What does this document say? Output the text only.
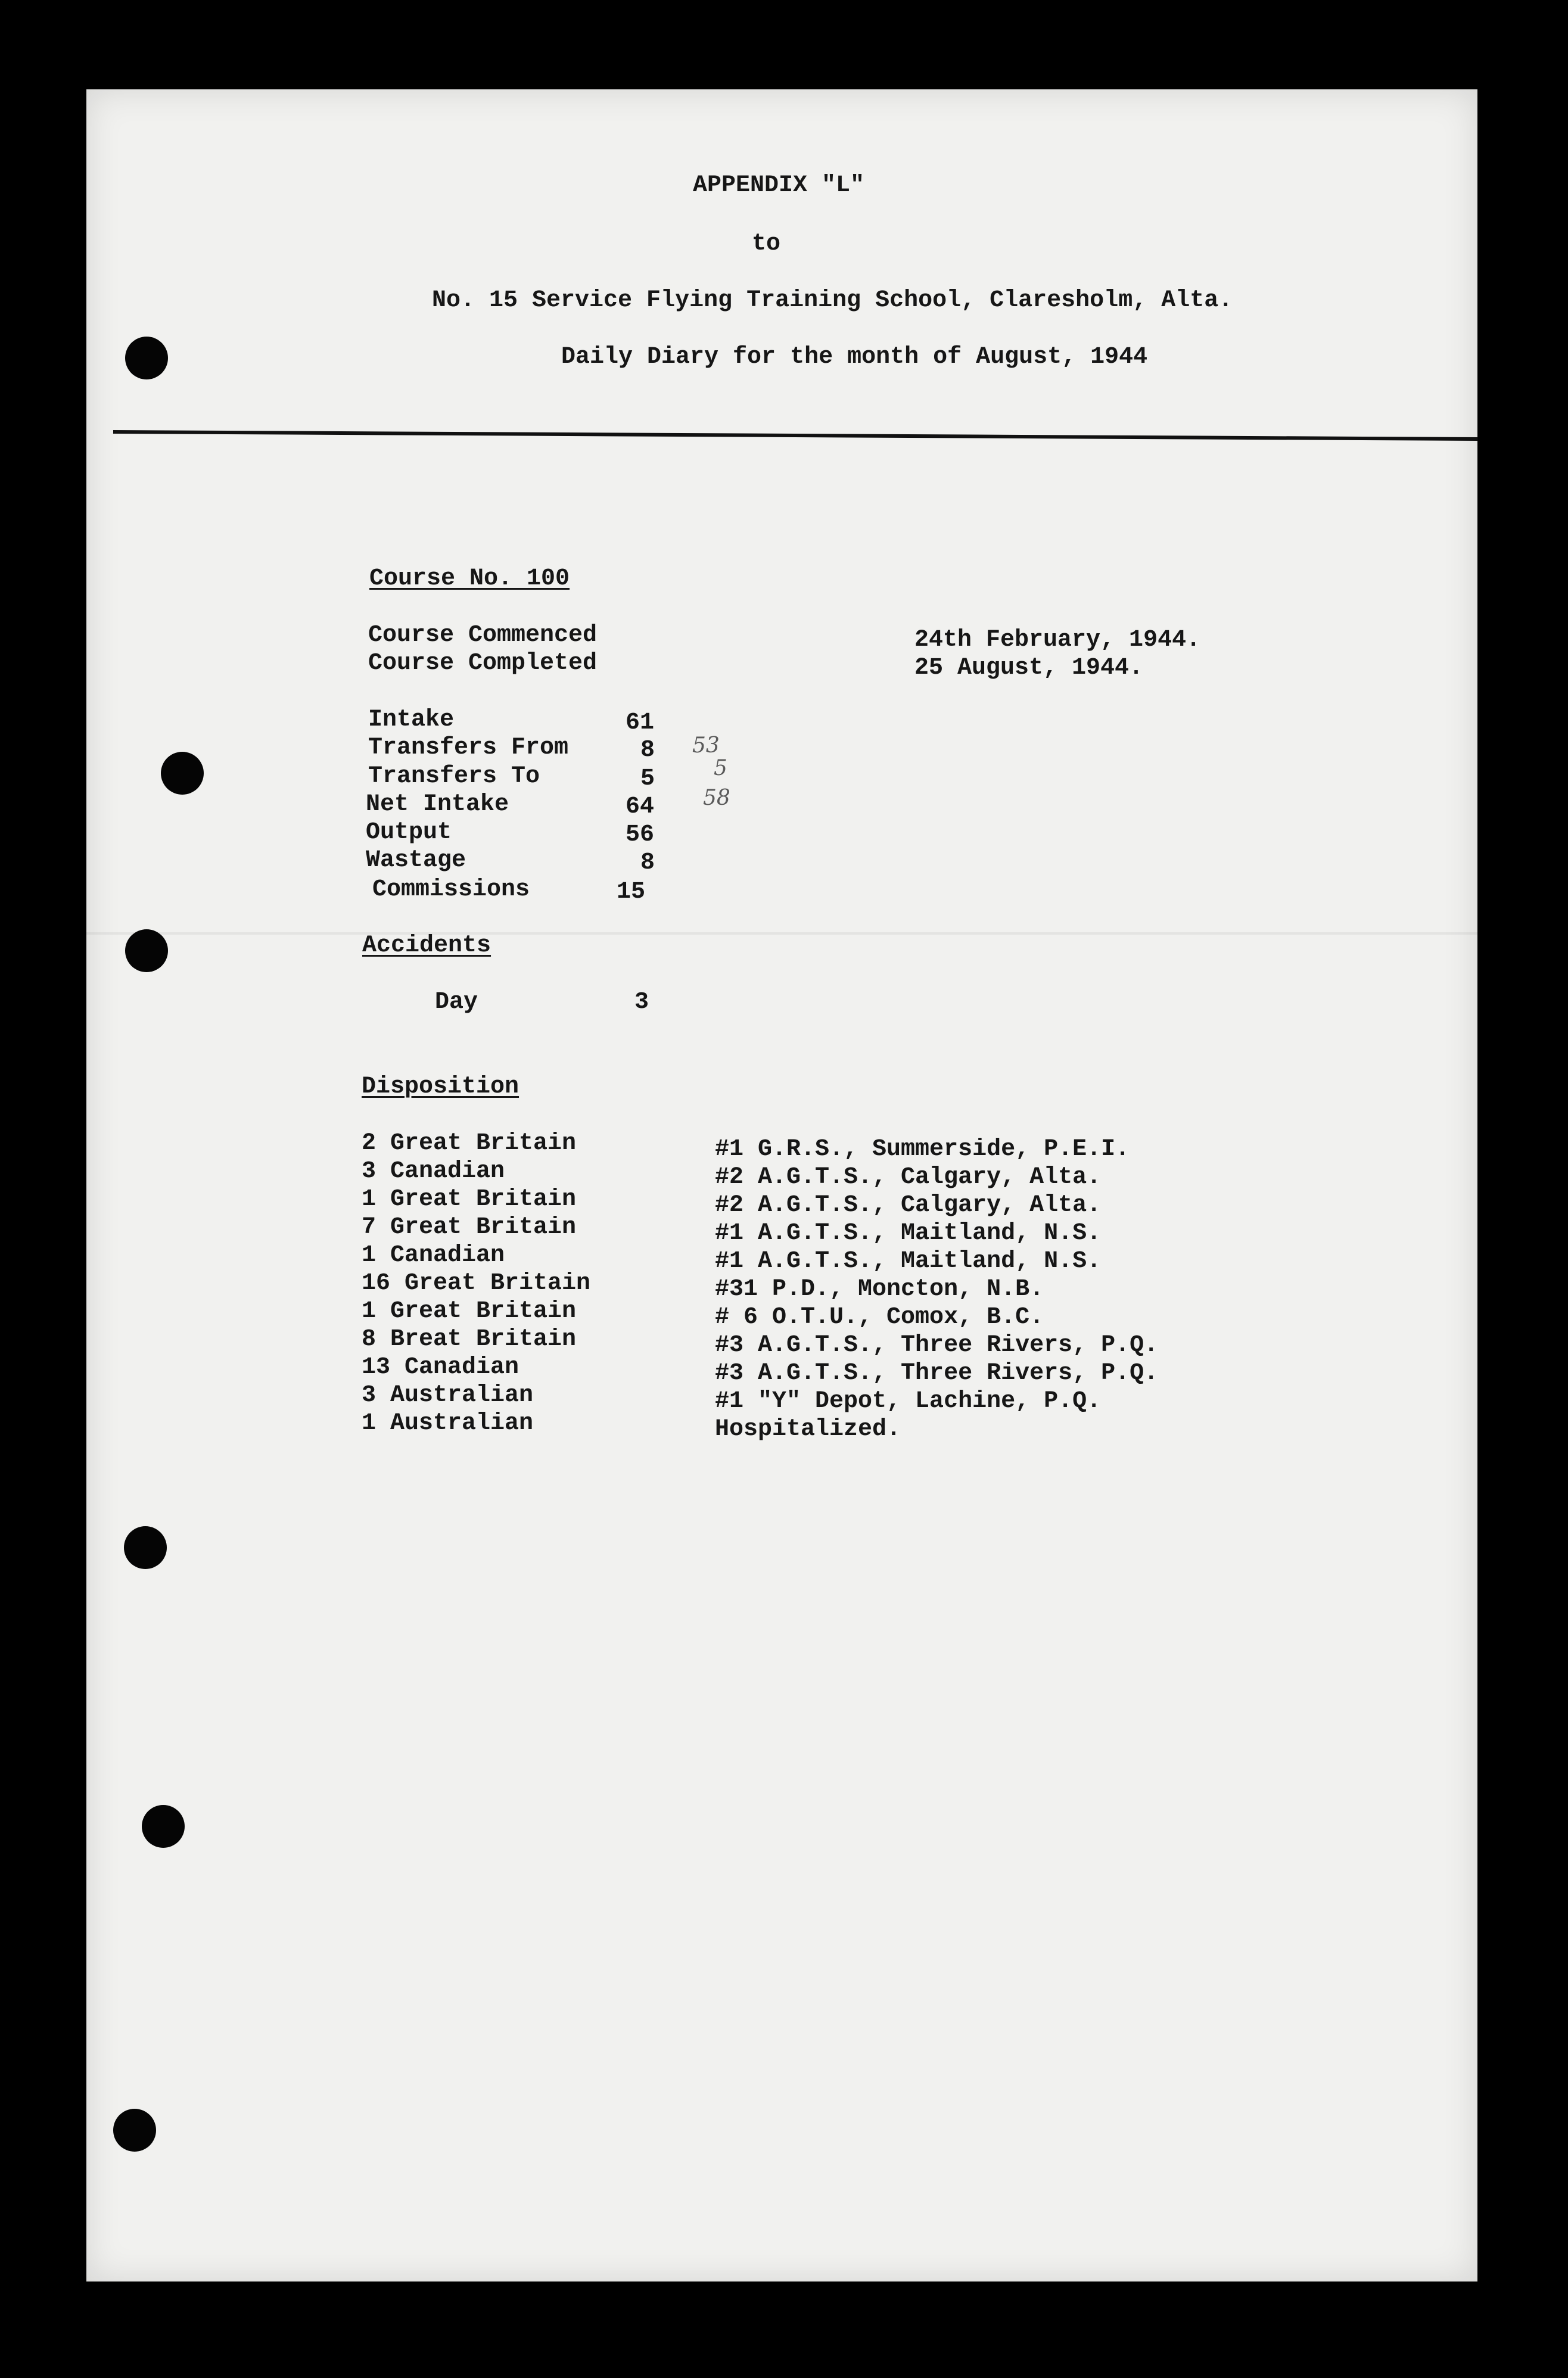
APPENDIX "L"
to
No. 15 Service Flying Training School, Claresholm, Alta.
Daily Diary for the month of August, 1944
Course No. 100
Course Commenced	24th February, 1944.
Course Completed	25 August, 1944.
Intake	61
Transfers From	8
Transfers To	5
Net Intake	64
Output	56
Wastage	8
Commissions	15
53
5
58
Accidents
Day	3
Disposition
2 Great Britain	#1 G.R.S., Summerside, P.E.I.
3 Canadian	#2 A.G.T.S., Calgary, Alta.
1 Great Britain	#2 A.G.T.S., Calgary, Alta.
7 Great Britain	#1 A.G.T.S., Maitland, N.S.
1 Canadian	#1 A.G.T.S., Maitland, N.S.
16 Great Britain	#31 P.D., Moncton, N.B.
1 Great Britain	# 6 O.T.U., Comox, B.C.
8 Breat Britain	#3 A.G.T.S., Three Rivers, P.Q.
13 Canadian	#3 A.G.T.S., Three Rivers, P.Q.
3 Australian	#1 "Y" Depot, Lachine, P.Q.
1 Australian	Hospitalized.
